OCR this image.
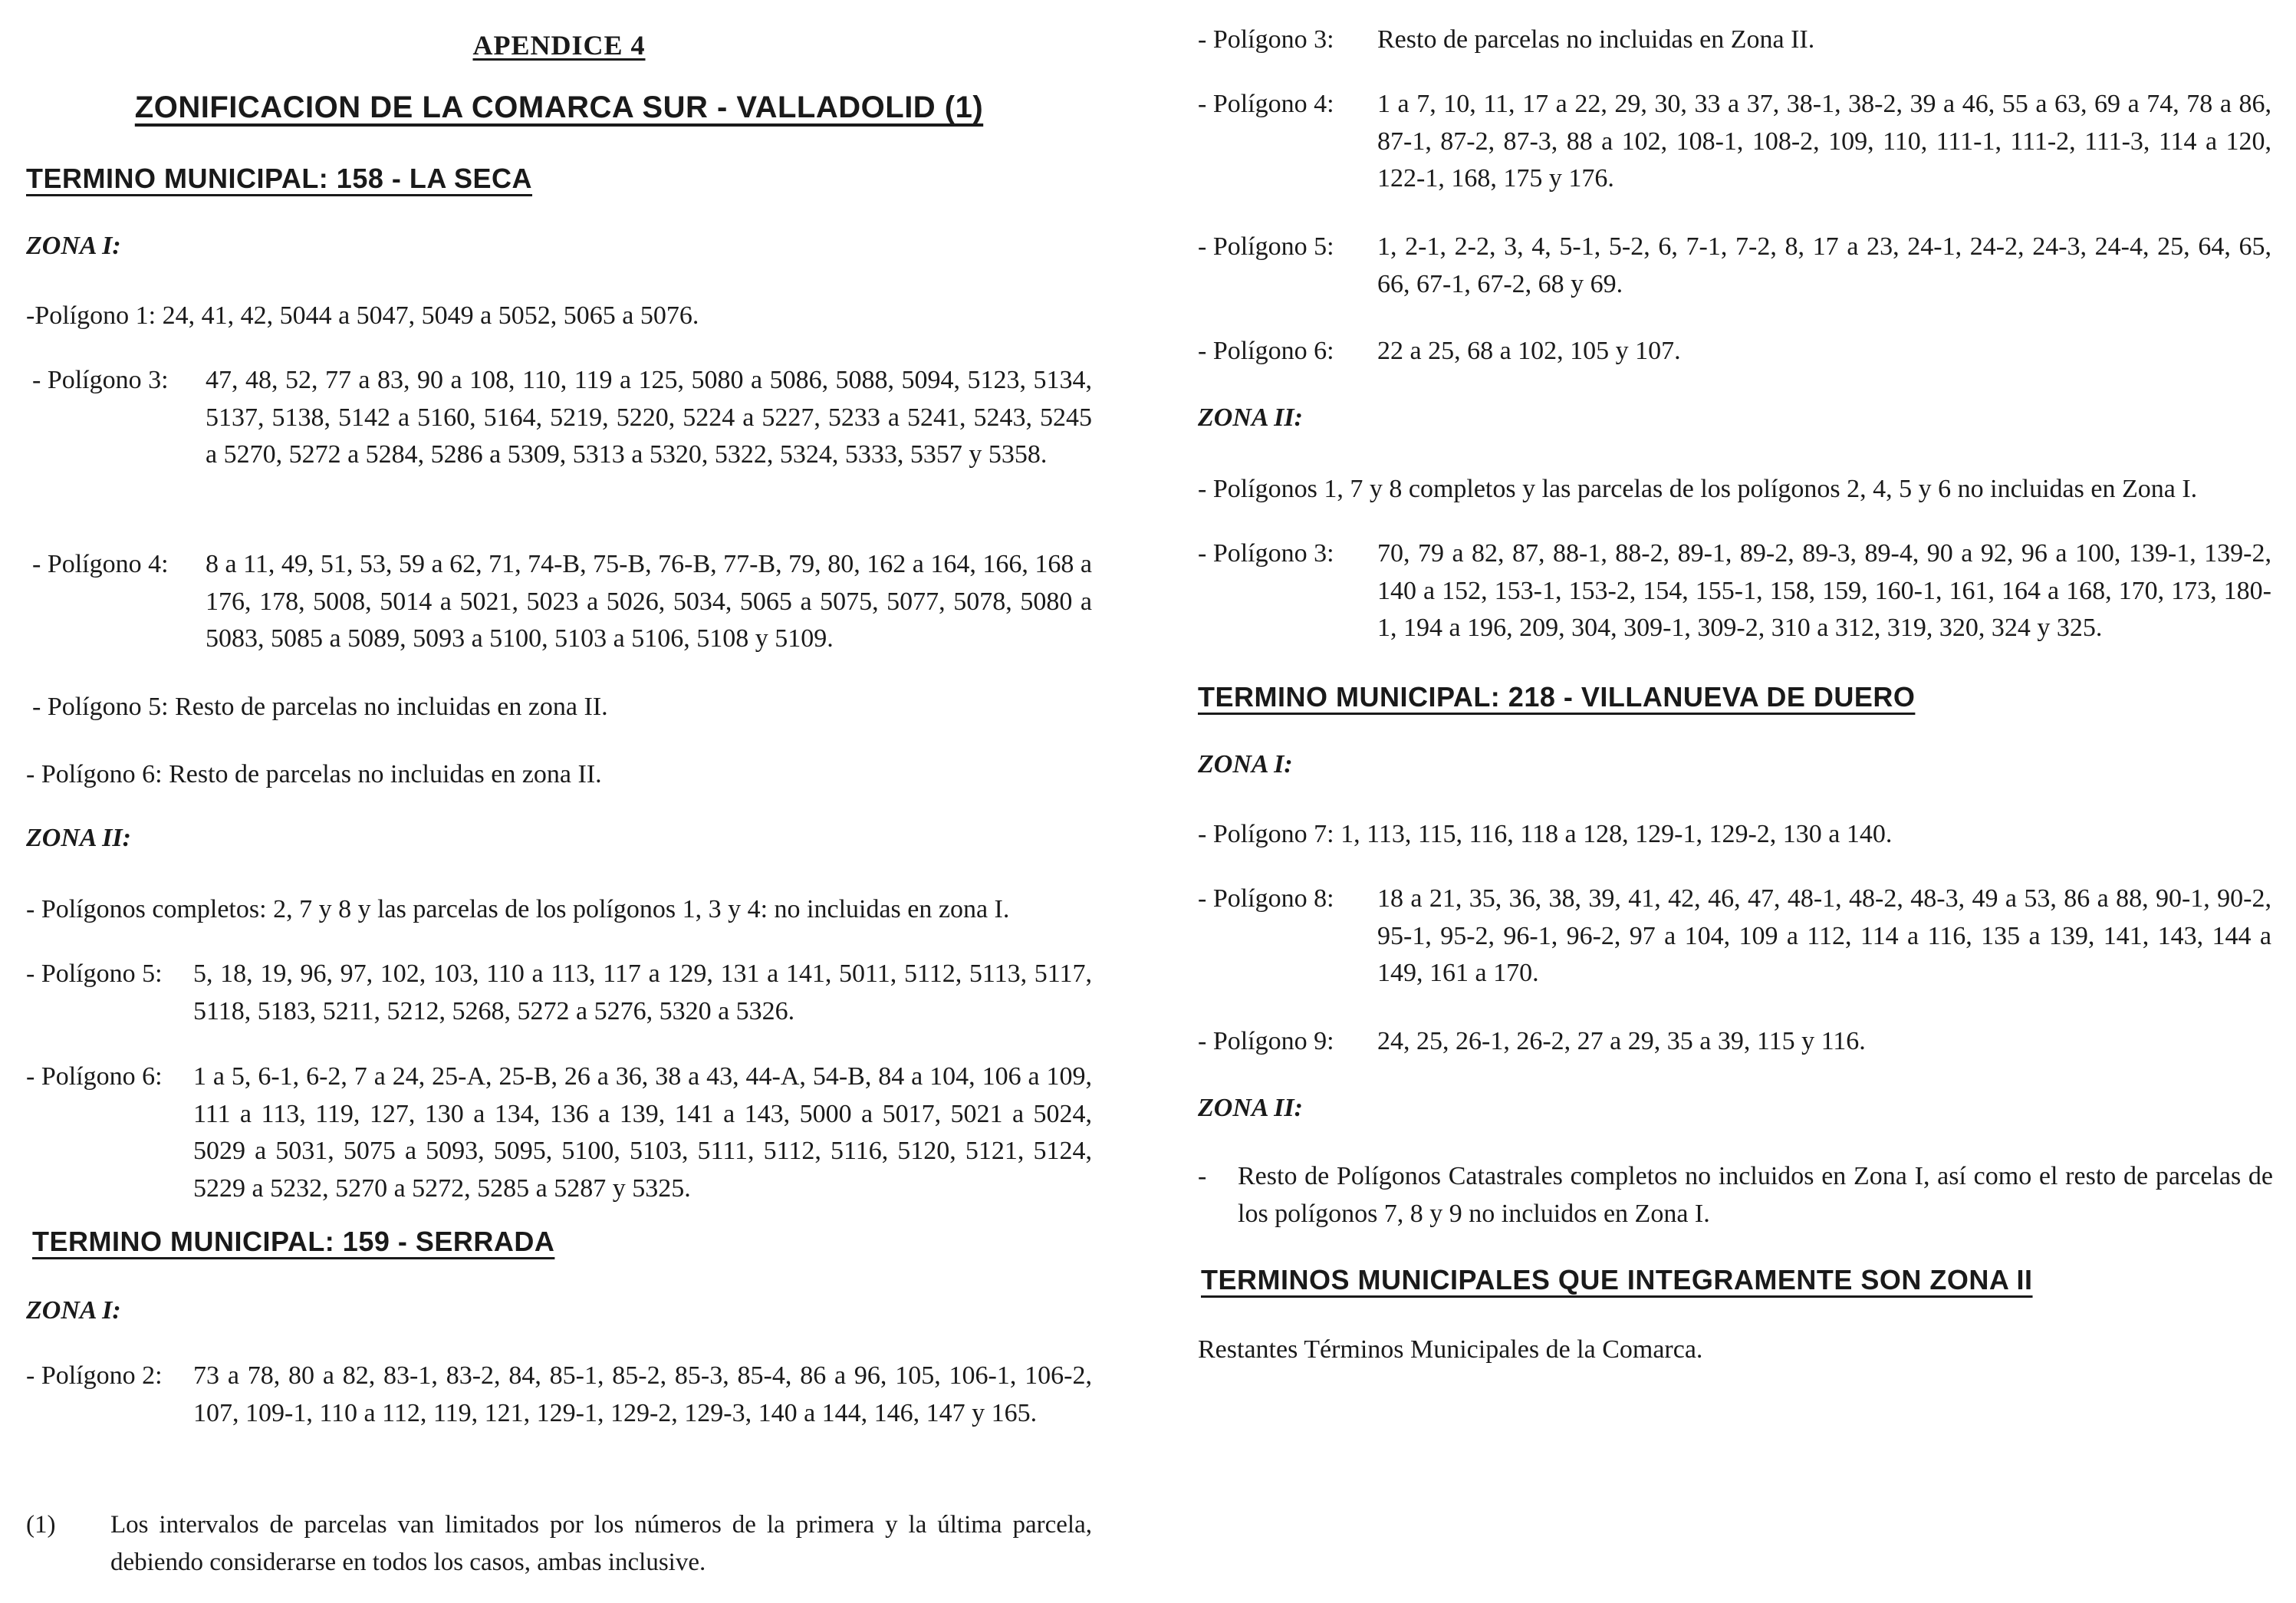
APENDICE 4
ZONIFICACION DE LA COMARCA SUR - VALLADOLID (1)
TERMINO MUNICIPAL: 158 - LA SECA
ZONA I:
-Polígono 1: 24, 41, 42, 5044 a 5047, 5049 a 5052, 5065 a 5076.
- Polígono 3: 47, 48, 52, 77 a 83, 90 a 108, 110, 119 a 125, 5080 a 5086, 5088, 5094, 5123, 5134, 5137, 5138, 5142 a 5160, 5164, 5219, 5220, 5224 a 5227, 5233 a 5241, 5243, 5245 a 5270, 5272 a 5284, 5286 a 5309, 5313 a 5320, 5322, 5324, 5333, 5357 y 5358.
- Polígono 4: 8 a 11, 49, 51, 53, 59 a 62, 71, 74-B, 75-B, 76-B, 77-B, 79, 80, 162 a 164, 166, 168 a 176, 178, 5008, 5014 a 5021, 5023 a 5026, 5034, 5065 a 5075, 5077, 5078, 5080 a 5083, 5085 a 5089, 5093 a 5100, 5103 a 5106, 5108 y 5109.
- Polígono 5: Resto de parcelas no incluidas en zona II.
- Polígono 6: Resto de parcelas no incluidas en zona II.
ZONA II:
- Polígonos completos: 2, 7 y 8 y las parcelas de los polígonos 1, 3 y 4: no incluidas en zona I.
- Polígono 5: 5, 18, 19, 96, 97, 102, 103, 110 a 113, 117 a 129, 131 a 141, 5011, 5112, 5113, 5117, 5118, 5183, 5211, 5212, 5268, 5272 a 5276, 5320 a 5326.
- Polígono 6: 1 a 5, 6-1, 6-2, 7 a 24, 25-A, 25-B, 26 a 36, 38 a 43, 44-A, 54-B, 84 a 104, 106 a 109, 111 a 113, 119, 127, 130 a 134, 136 a 139, 141 a 143, 5000 a 5017, 5021 a 5024, 5029 a 5031, 5075 a 5093, 5095, 5100, 5103, 5111, 5112, 5116, 5120, 5121, 5124, 5229 a 5232, 5270 a 5272, 5285 a 5287 y 5325.
TERMINO MUNICIPAL: 159 - SERRADA
ZONA I:
- Polígono 2: 73 a 78, 80 a 82, 83-1, 83-2, 84, 85-1, 85-2, 85-3, 85-4, 86 a 96, 105, 106-1, 106-2, 107, 109-1, 110 a 112, 119, 121, 129-1, 129-2, 129-3, 140 a 144, 146, 147 y 165.
(1) Los intervalos de parcelas van limitados por los números de la primera y la última parcela, debiendo considerarse en todos los casos, ambas inclusive.
- Polígono 3: Resto de parcelas no incluidas en Zona II.
- Polígono 4: 1 a 7, 10, 11, 17 a 22, 29, 30, 33 a 37, 38-1, 38-2, 39 a 46, 55 a 63, 69 a 74, 78 a 86, 87-1, 87-2, 87-3, 88 a 102, 108-1, 108-2, 109, 110, 111-1, 111-2, 111-3, 114 a 120, 122-1, 168, 175 y 176.
- Polígono 5: 1, 2-1, 2-2, 3, 4, 5-1, 5-2, 6, 7-1, 7-2, 8, 17 a 23, 24-1, 24-2, 24-3, 24-4, 25, 64, 65, 66, 67-1, 67-2, 68 y 69.
- Polígono 6: 22 a 25, 68 a 102, 105 y 107.
ZONA II:
- Polígonos 1, 7 y 8 completos y las parcelas de los polígonos 2, 4, 5 y 6 no incluidas en Zona I.
- Polígono 3: 70, 79 a 82, 87, 88-1, 88-2, 89-1, 89-2, 89-3, 89-4, 90 a 92, 96 a 100, 139-1, 139-2, 140 a 152, 153-1, 153-2, 154, 155-1, 158, 159, 160-1, 161, 164 a 168, 170, 173, 180-1, 194 a 196, 209, 304, 309-1, 309-2, 310 a 312, 319, 320, 324 y 325.
TERMINO MUNICIPAL: 218 - VILLANUEVA DE DUERO
ZONA I:
- Polígono 7: 1, 113, 115, 116, 118 a 128, 129-1, 129-2, 130 a 140.
- Polígono 8: 18 a 21, 35, 36, 38, 39, 41, 42, 46, 47, 48-1, 48-2, 48-3, 49 a 53, 86 a 88, 90-1, 90-2, 95-1, 95-2, 96-1, 96-2, 97 a 104, 109 a 112, 114 a 116, 135 a 139, 141, 143, 144 a 149, 161 a 170.
- Polígono 9: 24, 25, 26-1, 26-2, 27 a 29, 35 a 39, 115 y 116.
ZONA II:
- Resto de Polígonos Catastrales completos no incluidos en Zona I, así como el resto de parcelas de los polígonos 7, 8 y 9 no incluidos en Zona I.
TERMINOS MUNICIPALES QUE INTEGRAMENTE SON ZONA II
Restantes Términos Municipales de la Comarca.
